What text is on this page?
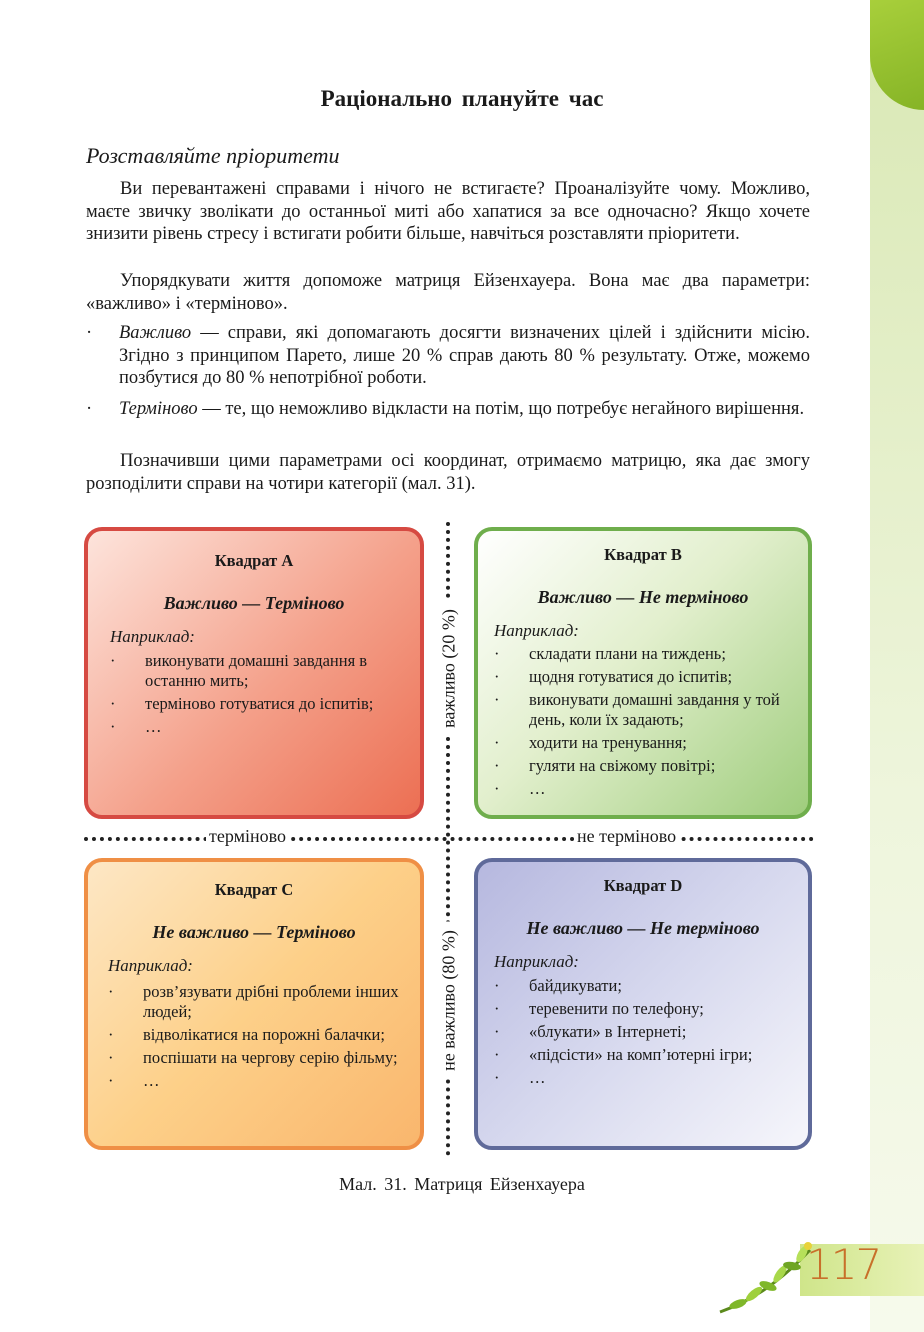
Раціонально плануйте час
Розставляйте пріоритети

Ви перевантажені справами і нічого не встигаєте? Проаналізуйте чому. Можливо, маєте звичку зволікати до останньої миті або хапатися за все одночасно? Якщо хочете знизити рівень стресу і встигати робити більше, навчіться розставляти пріоритети.

Упорядкувати життя допоможе матриця Ейзенхауера. Вона має два параметри: «важливо» і «терміново».

· Важливо — справи, які допомагають досягти визначених цілей і здійснити місію. Згідно з принципом Парето, лише 20 % справ дають 80 % результату. Отже, можемо позбутися до 80 % непотрібної роботи.
· Терміново — те, що неможливо відкласти на потім, що потребує негайного вирішення.

Позначивши цими параметрами осі координат, отримаємо матрицю, яка дає змогу розподілити справи на чотири категорії (мал. 31).

терміново	не терміново
важливо (20 %)
не важливо (80 %)
Квадрат A
Важливо — Терміново
Наприклад:
· виконувати домашні завдання в останню мить;
· терміново готуватися до іспитів;
· …
Квадрат B
Важливо — Не терміново
Наприклад:
· складати плани на тиждень;
· щодня готуватися до іспитів;
· виконувати домашні завдання у той день, коли їх задають;
· ходити на тренування;
· гуляти на свіжому повітрі;
· …
Квадрат C
Не важливо — Терміново
Наприклад:
· розв’язувати дрібні проблеми інших людей;
· відволікатися на порожні балачки;
· поспішати на чергову серію фільму;
· …
Квадрат D
Не важливо — Не терміново
Наприклад:
· байдикувати;
· теревенити по телефону;
· «блукати» в Інтернеті;
· «підсісти» на комп’ютерні ігри;
· …
Мал. 31. Матриця Ейзенхауера
117
